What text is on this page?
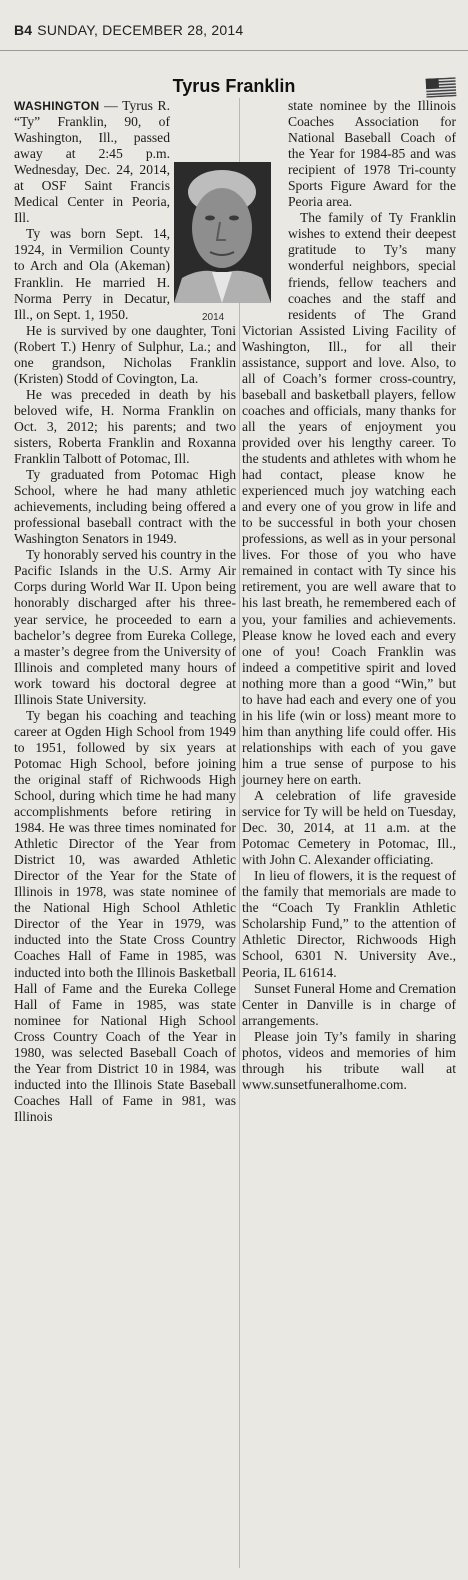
B4 SUNDAY, DECEMBER 28, 2014
Tyrus Franklin

WASHINGTON — Tyrus R. “Ty” Franklin, 90, of Washington, Ill., passed away at 2:45 p.m. Wednesday, Dec. 24, 2014, at OSF Saint Francis Medical Center in Peoria, Ill.

Ty was born Sept. 14, 1924, in Vermilion County to Arch and Ola (Akeman) Franklin. He married H. Norma Perry in Decatur, Ill., on Sept. 1, 1950.

He is survived by one daughter, Toni (Robert T.) Henry of Sulphur, La.; and one grandson, Nicholas Franklin (Kristen) Stodd of Covington, La.

He was preceded in death by his beloved wife, H. Norma Franklin on Oct. 3, 2012; his parents; and two sisters, Roberta Franklin and Roxanna Franklin Talbott of Potomac, Ill.

Ty graduated from Potomac High School, where he had many athletic achievements, including being offered a professional baseball contract with the Washington Senators in 1949.

Ty honorably served his country in the Pacific Islands in the U.S. Army Air Corps during World War II. Upon being honorably discharged after his three-year service, he proceeded to earn a bachelor’s degree from Eureka College, a master’s degree from the University of Illinois and completed many hours of work toward his doctoral degree at Illinois State University.

Ty began his coaching and teaching career at Ogden High School from 1949 to 1951, followed by six years at Potomac High School, before joining the original staff of Richwoods High School, during which time he had many accomplishments before retiring in 1984. He was three times nominated for Athletic Director of the Year from District 10, was awarded Athletic Director of the Year for the State of Illinois in 1978, was state nominee of the National High School Athletic Director of the Year in 1979, was inducted into the State Cross Country Coaches Hall of Fame in 1985, was inducted into both the Illinois Basketball Hall of Fame and the Eureka College Hall of Fame in 1985, was state nominee for National High School Cross Country Coach of the Year in 1980, was selected Baseball Coach of the Year from District 10 in 1984, was inducted into the Illinois State Baseball Coaches Hall of Fame in 981, was Illinois

state nominee by the Illinois Coaches Association for National Baseball Coach of the Year for 1984-85 and was recipient of 1978 Tri-county Sports Figure Award for the Peoria area.

The family of Ty Franklin wishes to extend their deepest gratitude to Ty’s many wonderful neighbors, special friends, fellow teachers and coaches and the staff and residents of The Grand Victorian Assisted Living Facility of Washington, Ill., for all their assistance, support and love. Also, to all of Coach’s former cross-country, baseball and basketball players, fellow coaches and officials, many thanks for all the years of enjoyment you provided over his lengthy career. To the students and athletes with whom he had contact, please know he experienced much joy watching each and every one of you grow in life and to be successful in both your chosen professions, as well as in your personal lives. For those of you who have remained in contact with Ty since his retirement, you are well aware that to his last breath, he remembered each of you, your families and achievements. Please know he loved each and every one of you! Coach Franklin was indeed a competitive spirit and loved nothing more than a good “Win,” but to have had each and every one of you in his life (win or loss) meant more to him than anything life could offer. His relationships with each of you gave him a true sense of purpose to his journey here on earth.

A celebration of life graveside service for Ty will be held on Tuesday, Dec. 30, 2014, at 11 a.m. at the Potomac Cemetery in Potomac, Ill., with John C. Alexander officiating.

In lieu of flowers, it is the request of the family that memorials are made to the “Coach Ty Franklin Athletic Scholarship Fund,” to the attention of Athletic Director, Richwoods High School, 6301 N. University Ave., Peoria, IL 61614.

Sunset Funeral Home and Cremation Center in Danville is in charge of arrangements.

Please join Ty’s family in sharing photos, videos and memories of him through his tribute wall at www.sunsetfuneralhome.com.

2014
